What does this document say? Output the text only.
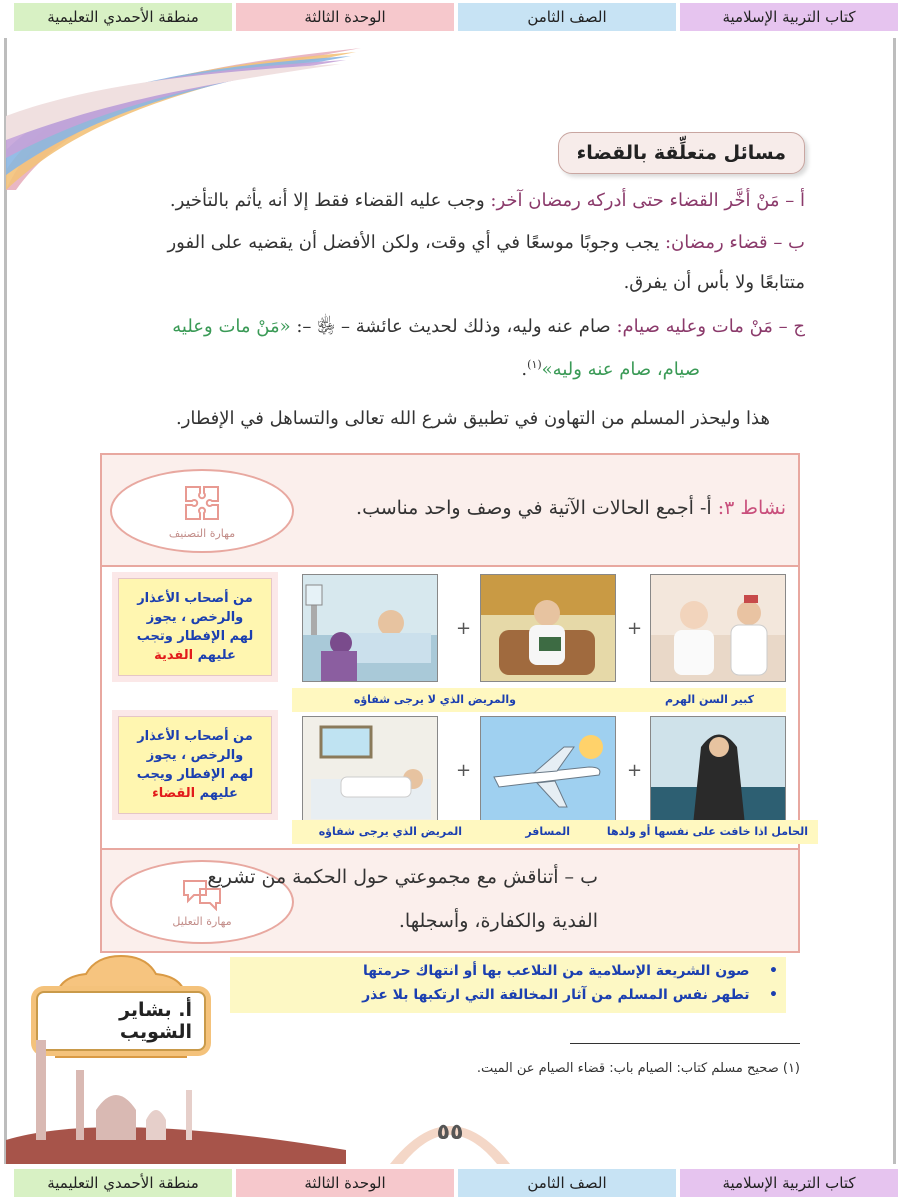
كتاب التربية الإسلامية
الصف الثامن
الوحدة الثالثة
منطقة الأحمدي التعليمية
مسائل متعلِّقة بالقضاء
أ – مَنْ أخَّر القضاء حتى أدركه رمضان آخر: وجب عليه القضاء فقط إلا أنه يأثم بالتأخير.
ب – قضاء رمضان: يجب وجوبًا موسعًا في أي وقت، ولكن الأفضل أن يقضيه على الفور
متتابعًا ولا بأس أن يفرق.
ج – مَنْ مات وعليه صيام: صام عنه وليه، وذلك لحديث عائشة – ﵂ –: «مَنْ مات وعليه
صيام، صام عنه وليه»$^{(١)}$.
هذا وليحذر المسلم من التهاون في تطبيق شرع الله تعالى والتساهل في الإفطار.
مهارة التصنيف
نشاط ٣: أ- أجمع الحالات الآتية في وصف واحد مناسب.
+
+
كبير السن الهرم
والمريض الذي لا يرجى شفاؤه
من أصحاب الأعذار
والرخص ، يجوز
لهم الإفطار وتجب
عليهم الفدية
+
+
الحامل اذا خافت على نفسها أو ولدها
المسافر
المريض الذي يرجى شفاؤه
من أصحاب الأعذار
والرخص ، يجوز
لهم الإفطار ويجب
عليهم القضاء
مهارة التعليل
ب – أتناقش مع مجموعتي حول الحكمة من تشريع
الفدية والكفارة، وأسجلها.
•    صون الشريعة الإسلامية من التلاعب بها أو انتهاك حرمتها
•    تطهر نفس المسلم من آثار المخالفة التي ارتكبها بلا عذر
أ. بشاير الشويب
(١) صحيح مسلم كتاب: الصيام باب: قضاء الصيام عن الميت.
٥٥
كتاب التربية الإسلامية
الصف الثامن
الوحدة الثالثة
منطقة الأحمدي التعليمية
